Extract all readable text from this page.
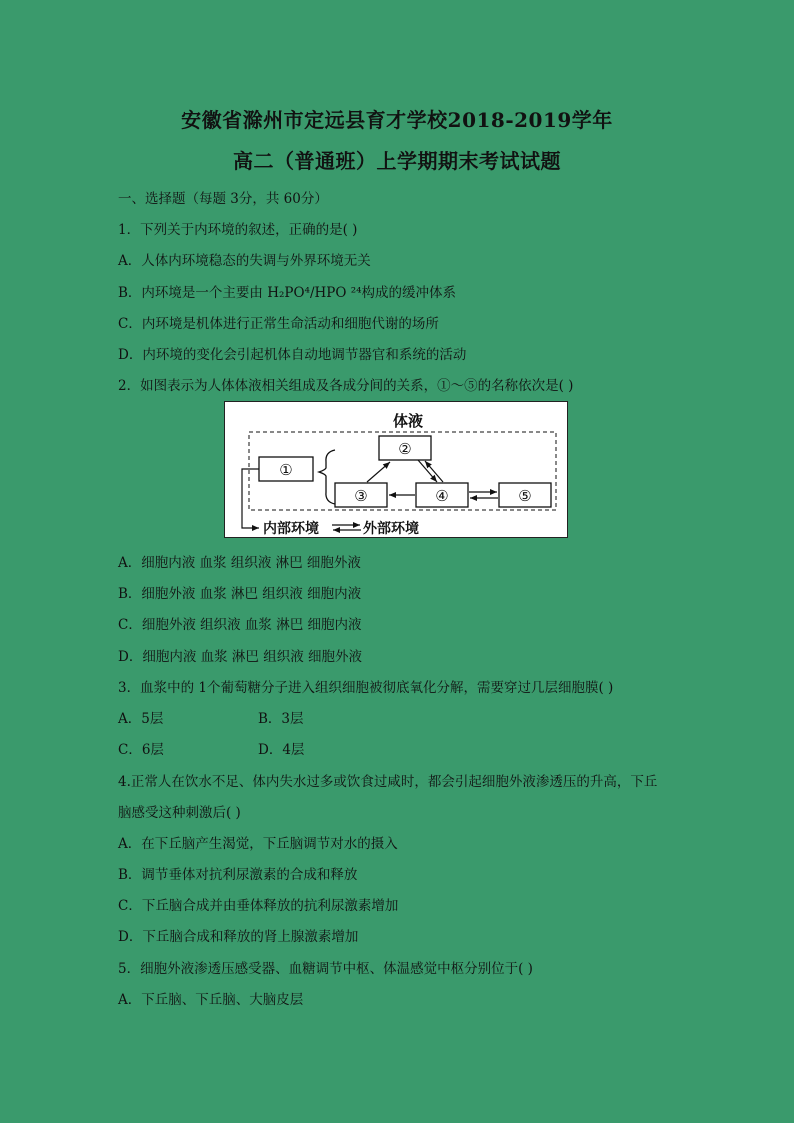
安徽省滁州市定远县育才学校2018-2019学年
高二（普通班）上学期期末考试试题
一、选择题（每题 3分，共 60分）
1．下列关于内环境的叙述，正确的是( )
A．人体内环境稳态的失调与外界环境无关
B．内环境是一个主要由 H₂PO⁴/HPO ²⁴构成的缓冲体系
C．内环境是机体进行正常生命活动和细胞代谢的场所
D．内环境的变化会引起机体自动地调节器官和系统的活动
2．如图表示为人体体液相关组成及各成分间的关系，①～⑤的名称依次是( )
体液
①
②
③	④	⑤
内部环境	外部环境
A．细胞内液 血浆 组织液 淋巴 细胞外液
B．细胞外液 血浆 淋巴 组织液 细胞内液
C．细胞外液 组织液 血浆 淋巴 细胞内液
D．细胞内液 血浆 淋巴 组织液 细胞外液
3．血浆中的 1个葡萄糖分子进入组织细胞被彻底氧化分解，需要穿过几层细胞膜( )
A．5层	B．3层
C．6层	D．4层
4.正常人在饮水不足、体内失水过多或饮食过咸时，都会引起细胞外液渗透压的升高，下丘
脑感受这种刺激后( )
A．在下丘脑产生渴觉，下丘脑调节对水的摄入
B．调节垂体对抗利尿激素的合成和释放
C．下丘脑合成并由垂体释放的抗利尿激素增加
D．下丘脑合成和释放的肾上腺激素增加
5．细胞外液渗透压感受器、血糖调节中枢、体温感觉中枢分别位于( )
A．下丘脑、下丘脑、大脑皮层
